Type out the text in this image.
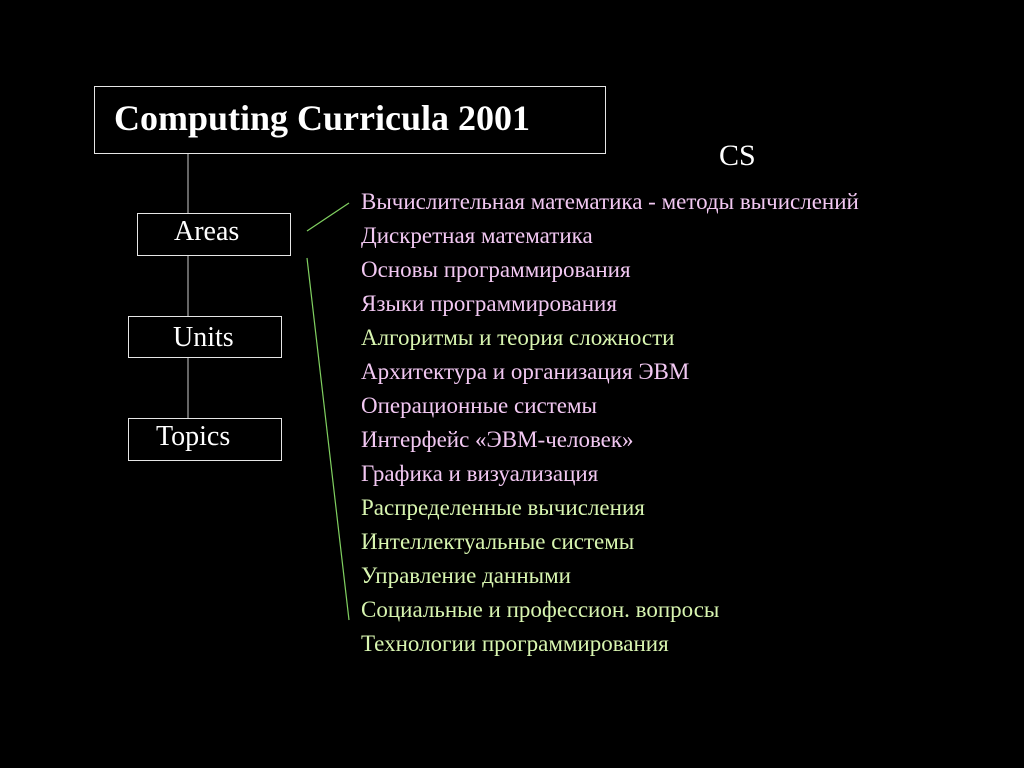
Computing Curricula 2001
Areas
Units
Topics
CS
Вычислительная математика - методы вычислений
Дискретная математика
Основы программирования
Языки программирования
Алгоритмы и теория сложности
Архитектура и организация ЭВМ
Операционные системы
Интерфейс «ЭВМ-человек»
Графика и визуализация
Распределенные вычисления
Интеллектуальные системы
Управление данными
Социальные и профессион. вопросы
Технологии программирования
